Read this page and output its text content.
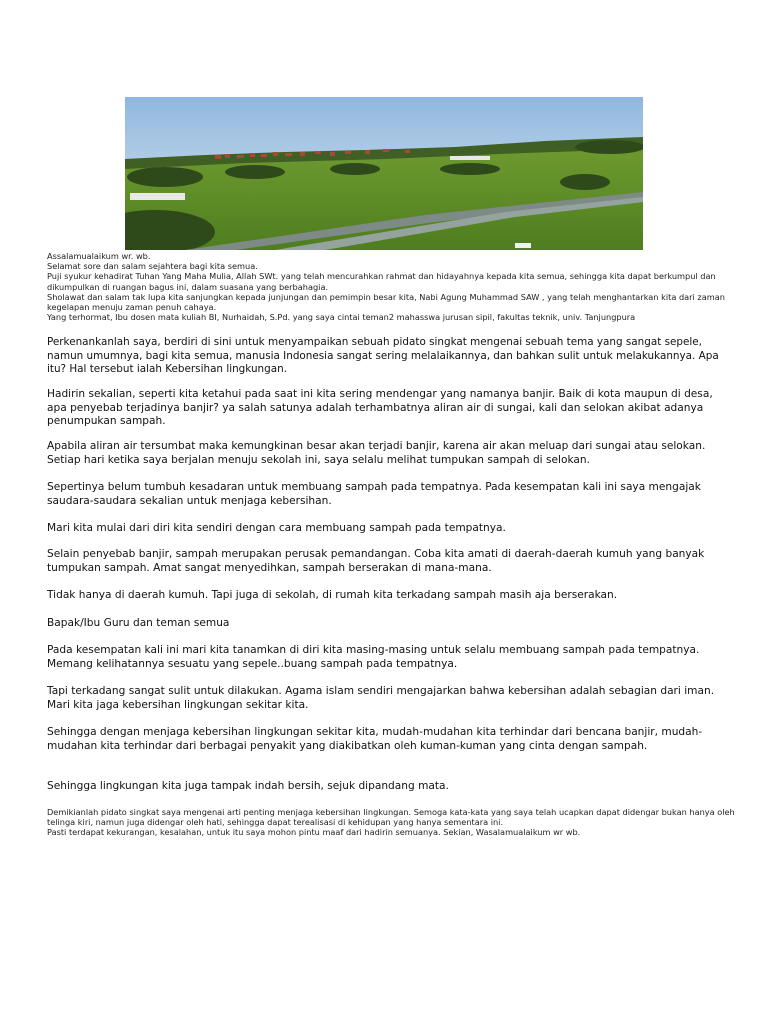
Assalamualaikum wr. wb.

Selamat sore dan salam sejahtera bagi kita semua.

Puji syukur kehadirat Tuhan Yang Maha Mulia, Allah SWt. yang telah mencurahkan rahmat dan hidayahnya kepada kita semua, sehingga kita dapat berkumpul dan dikumpulkan di ruangan bagus ini, dalam suasana yang berbahagia.

Sholawat dan salam tak lupa kita sanjungkan kepada junjungan dan pemimpin besar kita, Nabi Agung Muhammad SAW , yang telah menghantarkan kita dari zaman kegelapan menuju zaman penuh cahaya.

Yang terhormat, Ibu dosen mata kuliah BI, Nurhaidah, S.Pd. yang saya cintai teman2 mahasswa jurusan sipil, fakultas teknik, univ. Tanjungpura

Perkenankanlah saya, berdiri di sini untuk menyampaikan sebuah pidato singkat mengenai sebuah tema yang sangat sepele, namun umumnya, bagi kita semua, manusia Indonesia sangat sering melalaikannya, dan bahkan sulit untuk melakukannya. Apa itu? Hal tersebut ialah Kebersihan lingkungan.

Hadirin sekalian, seperti kita ketahui pada saat ini kita sering mendengar yang namanya banjir. Baik di kota maupun di desa, apa penyebab terjadinya banjir? ya salah satunya adalah terhambatnya aliran air di sungai, kali dan selokan akibat adanya penumpukan sampah.

Apabila aliran air tersumbat maka kemungkinan besar akan terjadi banjir, karena air akan meluap dari sungai atau selokan. Setiap hari ketika saya berjalan menuju sekolah ini, saya selalu melihat tumpukan sampah di selokan.

Sepertinya belum tumbuh kesadaran untuk membuang sampah pada tempatnya. Pada kesempatan kali ini saya mengajak saudara-saudara sekalian untuk menjaga kebersihan.

Mari kita mulai dari diri kita sendiri dengan cara membuang sampah pada tempatnya.

Selain penyebab banjir, sampah merupakan perusak pemandangan. Coba kita amati di daerah-daerah kumuh yang banyak tumpukan sampah. Amat sangat menyedihkan, sampah berserakan di mana-mana.

Tidak hanya di daerah kumuh. Tapi juga di sekolah, di rumah kita terkadang sampah masih aja berserakan.

Bapak/Ibu Guru dan teman semua

Pada kesempatan kali ini mari kita tanamkan di diri kita masing-masing untuk selalu membuang sampah pada tempatnya. Memang kelihatannya sesuatu yang sepele..buang sampah pada tempatnya.

Tapi terkadang sangat sulit untuk dilakukan. Agama islam sendiri mengajarkan bahwa kebersihan adalah sebagian dari iman. Mari kita jaga kebersihan lingkungan sekitar kita.

Sehingga dengan menjaga kebersihan lingkungan sekitar kita, mudah-mudahan kita terhindar dari bencana banjir, mudah-mudahan kita terhindar dari berbagai penyakit yang diakibatkan oleh kuman-kuman yang cinta dengan sampah.

Sehingga lingkungan kita juga tampak indah bersih, sejuk dipandang mata.

Demikianlah pidato singkat saya mengenai arti penting menjaga kebersihan lingkungan. Semoga kata-kata yang saya telah ucapkan dapat didengar bukan hanya oleh telinga kiri, namun juga didengar oleh hati, sehingga dapat terealisasi di kehidupan yang hanya sementara ini.

Pasti terdapat kekurangan, kesalahan, untuk itu saya mohon pintu maaf dari hadirin semuanya. Sekian, Wasalamualaikum wr wb.
